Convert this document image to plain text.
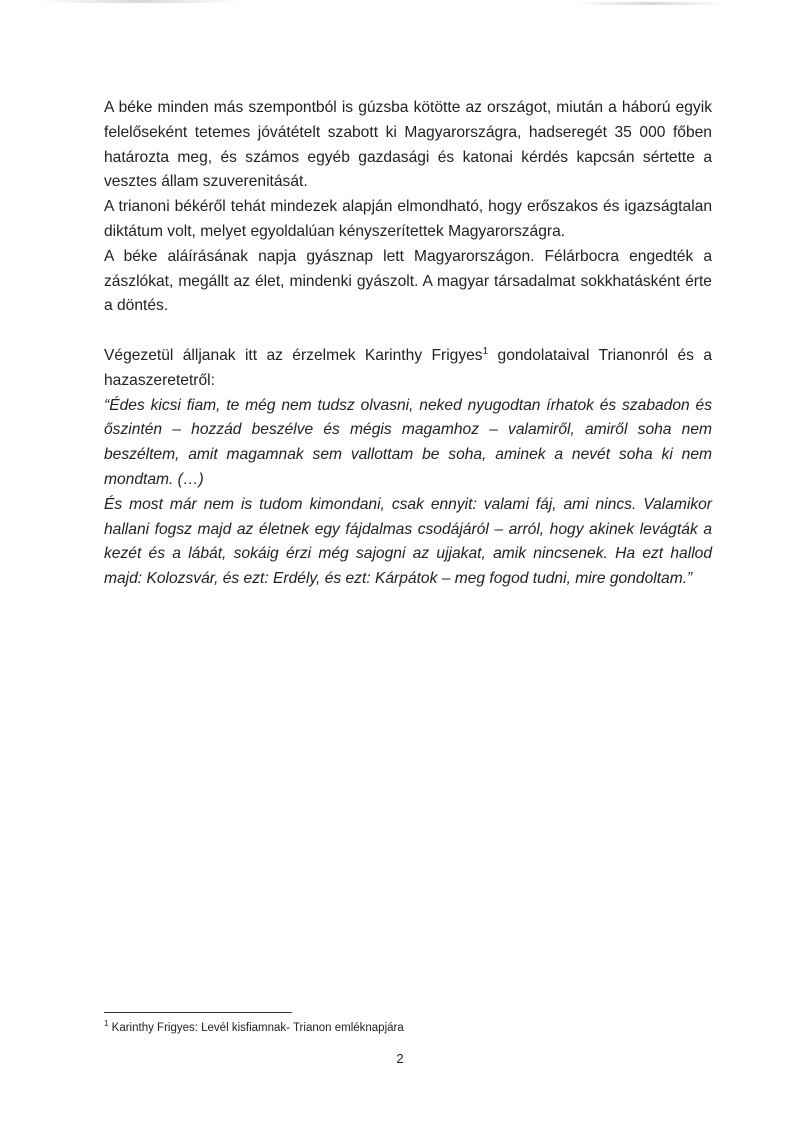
A béke minden más szempontból is gúzsba kötötte az országot, miután a háború egyik felelőseként tetemes jóvátételt szabott ki Magyarországra, hadseregét 35 000 főben határozta meg, és számos egyéb gazdasági és katonai kérdés kapcsán sértette a vesztes állam szuverenitását.

A trianoni békéről tehát mindezek alapján elmondható, hogy erőszakos és igazságtalan diktátum volt, melyet egyoldalúan kényszerítettek Magyarországra.

A béke aláírásának napja gyásznap lett Magyarországon. Félárbocra engedték a zászlókat, megállt az élet, mindenki gyászolt. A magyar társadalmat sokkhatásként érte a döntés.

Végezetül álljanak itt az érzelmek Karinthy Frigyes$^1$ gondolataival Trianonról és a hazaszeretetről:

“Édes kicsi fiam, te még nem tudsz olvasni, neked nyugodtan írhatok és szabadon és őszintén – hozzád beszélve és mégis magamhoz – valamiről, amiről soha nem beszéltem, amit magamnak sem vallottam be soha, aminek a nevét soha ki nem mondtam. (…)

És most már nem is tudom kimondani, csak ennyit: valami fáj, ami nincs. Valamikor hallani fogsz majd az életnek egy fájdalmas csodájáról – arról, hogy akinek levágták a kezét és a lábát, sokáig érzi még sajogni az ujjakat, amik nincsenek. Ha ezt hallod majd: Kolozsvár, és ezt: Erdély, és ezt: Kárpátok – meg fogod tudni, mire gondoltam.”

$^1$ Karinthy Frigyes: Levél kisfiamnak- Trianon emléknapjára
2
